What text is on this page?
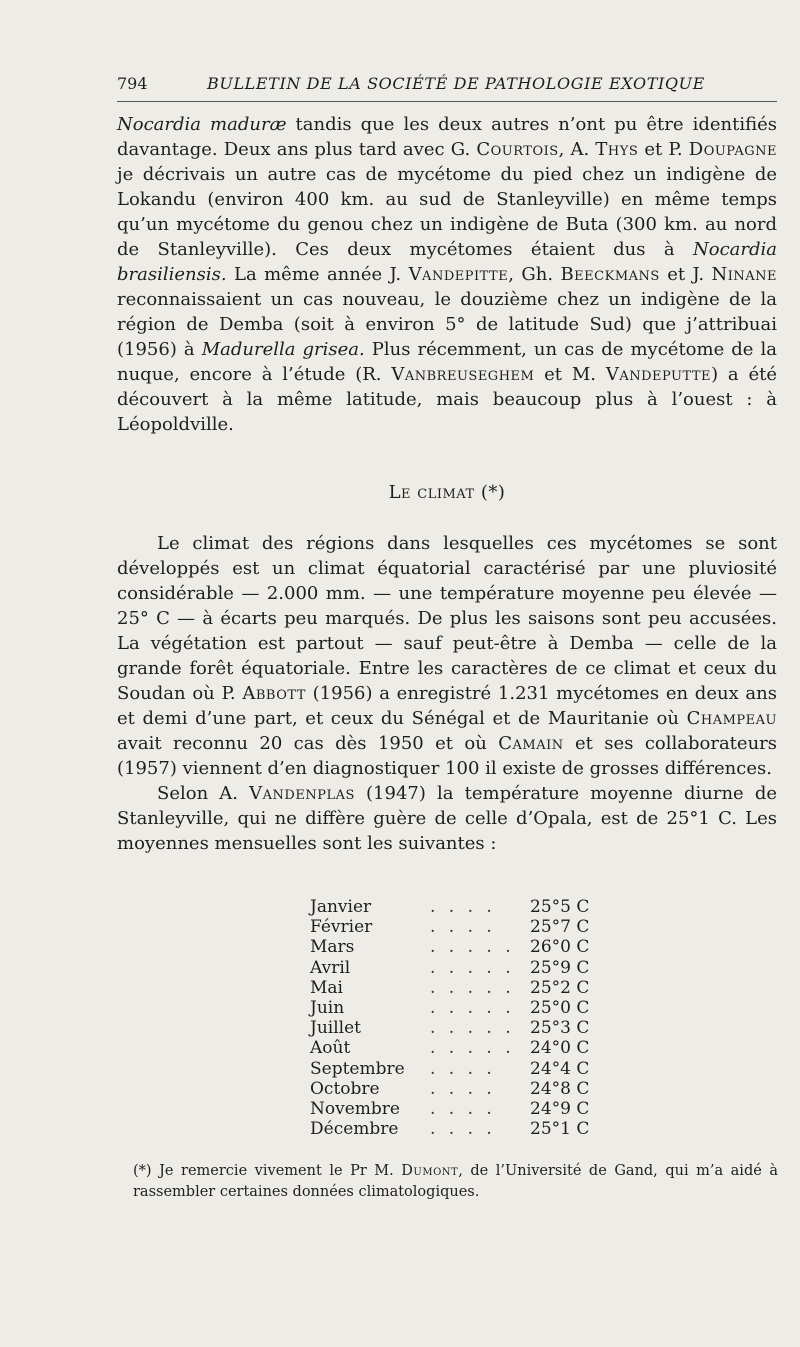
794	BULLETIN DE LA SOCIÉTÉ DE PATHOLOGIE EXOTIQUE

Nocardia maduræ tandis que les deux autres n’ont pu être identifiés davantage. Deux ans plus tard avec G. Courtois, A. Thys et P. Doupagne je décrivais un autre cas de mycétome du pied chez un indigène de Lokandu (environ 400 km. au sud de Stanleyville) en même temps qu’un mycétome du genou chez un indigène de Buta (300 km. au nord de Stanleyville). Ces deux mycétomes étaient dus à Nocardia brasiliensis. La même année J. Vandepitte, Gh. Beeckmans et J. Ninane reconnaissaient un cas nouveau, le douzième chez un indigène de la région de Demba (soit à environ 5° de latitude Sud) que j’attribuai (1956) à Madurella grisea. Plus récemment, un cas de mycétome de la nuque, encore à l’étude (R. Vanbreuseghem et M. Vandeputte) a été découvert à la même latitude, mais beaucoup plus à l’ouest : à Léopoldville.

Le climat (*)

Le climat des régions dans lesquelles ces mycétomes se sont développés est un climat équatorial caractérisé par une pluviosité considérable — 2.000 mm. — une température moyenne peu élevée — 25° C — à écarts peu marqués. De plus les saisons sont peu accusées. La végétation est partout — sauf peut-être à Demba — celle de la grande forêt équatoriale. Entre les caractères de ce climat et ceux du Soudan où P. Abbott (1956) a enregistré 1.231 mycétomes en deux ans et demi d’une part, et ceux du Sénégal et de Mauritanie où Champeau avait reconnu 20 cas dès 1950 et où Camain et ses collaborateurs (1957) viennent d’en diagnostiquer 100 il existe de grosses différences.

Selon A. Vandenplas (1947) la température moyenne diurne de Stanleyville, qui ne diffère guère de celle d’Opala, est de 25°1 C. Les moyennes mensuelles sont les suivantes :

Janvier	. . . .	25°5 C
Février	. . . .	25°7 C
Mars	. . . . . 26°0 C
Avril	. . . . . 25°9 C
Mai	. . . . . 25°2 C
Juin	. . . . . 25°0 C
Juillet	. . . . . 25°3 C
Août	. . . . . 24°0 C
Septembre	. . . .	24°4 C
Octobre	. . . .	24°8 C
Novembre	. . . .	24°9 C
Décembre	. . . .	25°1 C
(*) Je remercie vivement le Pr M. Dumont, de l’Université de Gand, qui m’a aidé à rassembler certaines données climatologiques.
